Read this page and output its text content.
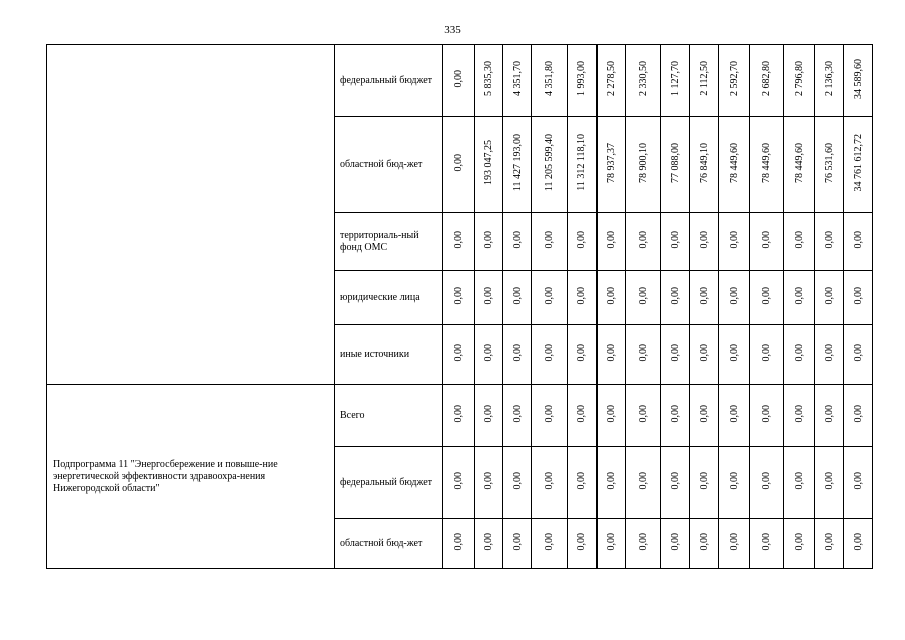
335
	федеральный бюджет	0,00	5 835,30	4 351,70	4 351,80	1 993,00	2 278,50	2 330,50	1 127,70	2 112,50	2 592,70	2 682,80	2 796,80	2 136,30	34 589,60
	областной бюд-жет	0,00	193 047,25	11 427 193,00	11 205 599,40	11 312 118,10	78 937,37	78 900,10	77 088,00	76 849,10	78 449,60	78 449,60	78 449,60	76 531,60	34 761 612,72
	территориаль-ный фонд ОМС	0,00	0,00	0,00	0,00	0,00	0,00	0,00	0,00	0,00	0,00	0,00	0,00	0,00	0,00
	юридические лица	0,00	0,00	0,00	0,00	0,00	0,00	0,00	0,00	0,00	0,00	0,00	0,00	0,00	0,00
	иные источники	0,00	0,00	0,00	0,00	0,00	0,00	0,00	0,00	0,00	0,00	0,00	0,00	0,00	0,00
Подпрограмма 11 "Энергосбережение и повыше-ние энергетической эффективности здравоохра-нения Нижегородской области"	Всего	0,00	0,00	0,00	0,00	0,00	0,00	0,00	0,00	0,00	0,00	0,00	0,00	0,00	0,00
	федеральный бюджет	0,00	0,00	0,00	0,00	0,00	0,00	0,00	0,00	0,00	0,00	0,00	0,00	0,00	0,00
	областной бюд-жет	0,00	0,00	0,00	0,00	0,00	0,00	0,00	0,00	0,00	0,00	0,00	0,00	0,00	0,00
